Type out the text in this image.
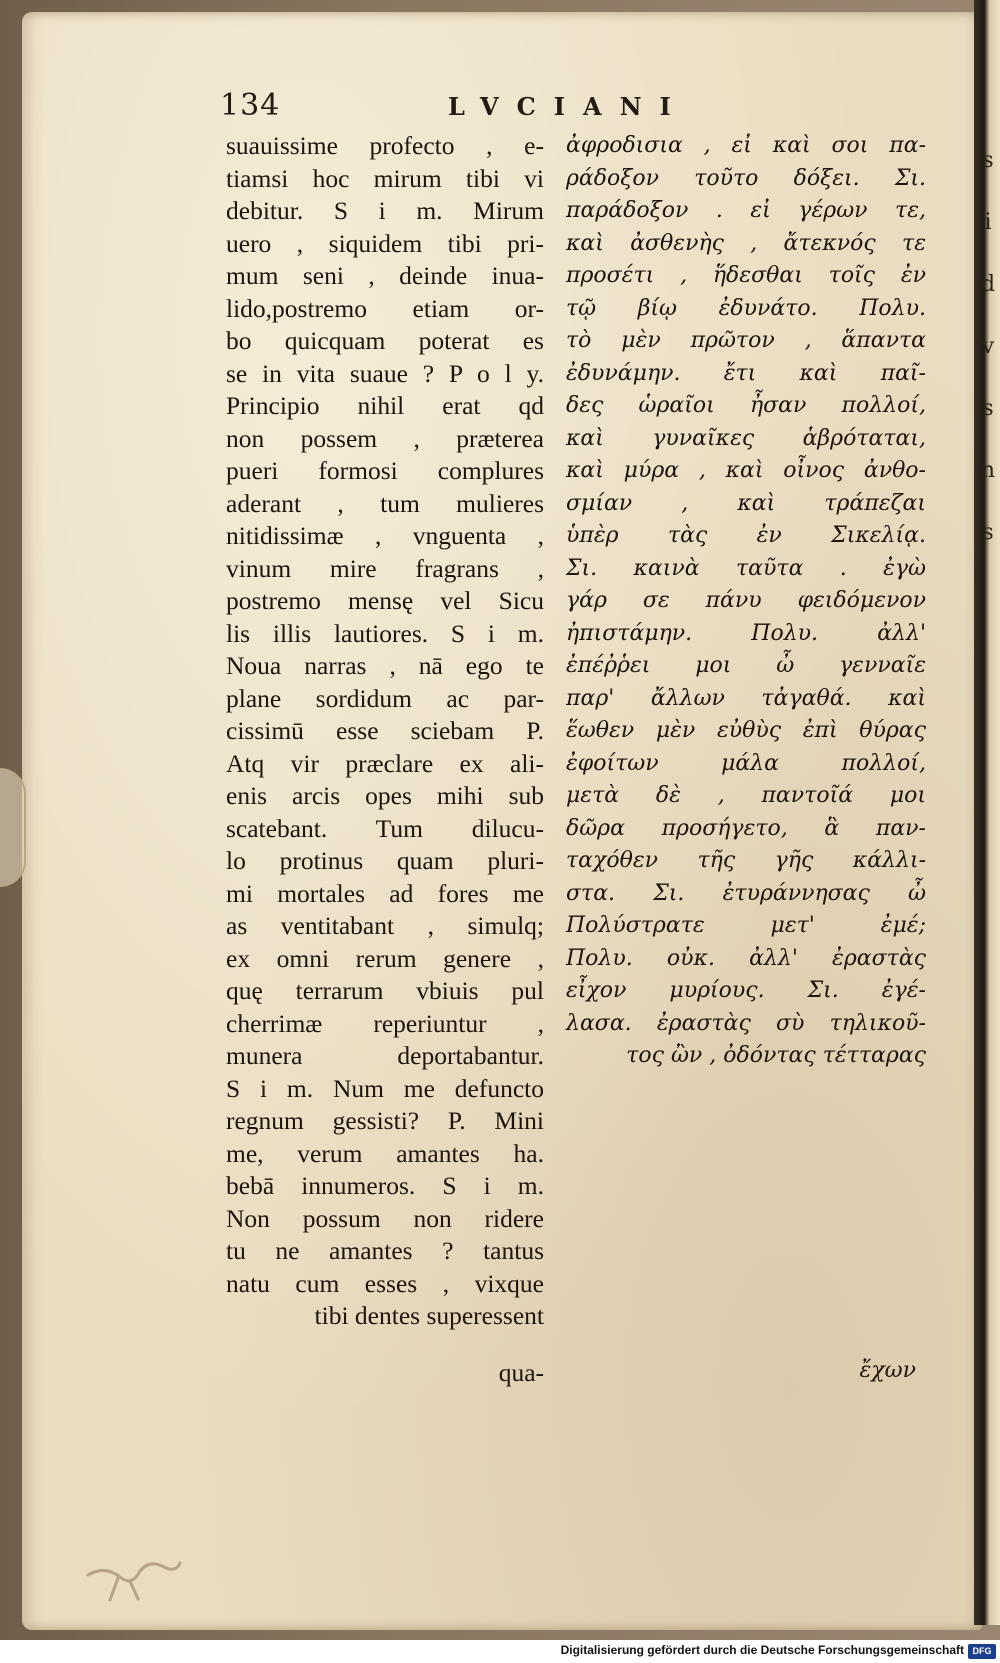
s
i
d
v
s
n
s
134	LVCIANI
suauissime profecto , e-
tiamsi hoc mirum tibi vi
debitur. S i m. Mirum
uero , siquidem tibi pri-
mum seni , deinde inua-
lido,postremo etiam or-
bo quicquam poterat es
se in vita suaue ? P o l y.
Principio nihil erat qd
non possem , præterea
pueri formosi complures
aderant , tum mulieres
nitidissimæ , vnguenta ,
vinum mire fragrans ,
postremo mensę vel Sicu
lis illis lautiores. S i m.
Noua narras , nā ego te
plane sordidum ac par-
cissimū esse sciebam P.
Atq vir præclare ex ali-
enis arcis opes mihi sub
scatebant. Tum dilucu-
lo protinus quam pluri-
mi mortales ad fores me
as ventitabant , simulq;
ex omni rerum genere ,
quę terrarum vbiuis pul
cherrimæ reperiuntur ,
munera deportabantur.
S i m. Num me defuncto
regnum gessisti? P. Mini
me, verum amantes ha.
bebā innumeros. S i m.
Non possum non ridere
tu ne amantes ? tantus
natu cum esses , vixque
tibi dentes superessent
qua-
ἀφροδισια , εἰ καὶ σοι πα-
ράδοξον τοῦτο δόξει. Σι.
παράδοξον . εἰ γέρων τε,
καὶ ἀσθενὴς , ἄτεκνός τε
προσέτι , ἥδεσθαι τοῖς ἐν
τῷ βίῳ ἐδυνάτο. Πολυ.
τὸ μὲν πρῶτον , ἅπαντα
ἐδυνάμην. ἔτι καὶ παῖ-
δες ὡραῖοι ἦσαν πολλοί,
καὶ γυναῖκες ἁβρόταται,
καὶ μύρα , καὶ οἶνος ἀνθο-
σμίαν , καὶ τράπεζαι
ὑπὲρ τὰς ἐν Σικελίᾳ.
Σι. καινὰ ταῦτα . ἐγὼ
γάρ σε πάνυ φειδόμενον
ἠπιστάμην. Πολυ. ἀλλ'
ἐπέῤῥει μοι ὦ γενναῖε
παρ' ἄλλων τἀγαθά. καὶ
ἕωθεν μὲν εὐθὺς ἐπὶ θύρας
ἐφοίτων μάλα πολλοί,
μετὰ δὲ , παντοῖά μοι
δῶρα προσήγετο, ἃ παν-
ταχόθεν τῆς γῆς κάλλι-
στα. Σι. ἐτυράννησας ὦ
Πολύστρατε μετ' ἐμέ;
Πολυ. οὐκ. ἀλλ' ἐραστὰς
εἶχον μυρίους. Σι. ἐγέ-
λασα. ἐραστὰς σὺ τηλικοῦ-
τος ὢν , ὀδόντας τέτταρας
ἔχων
Digitalisierung gefördert durch die Deutsche Forschungsgemeinschaft DFG
